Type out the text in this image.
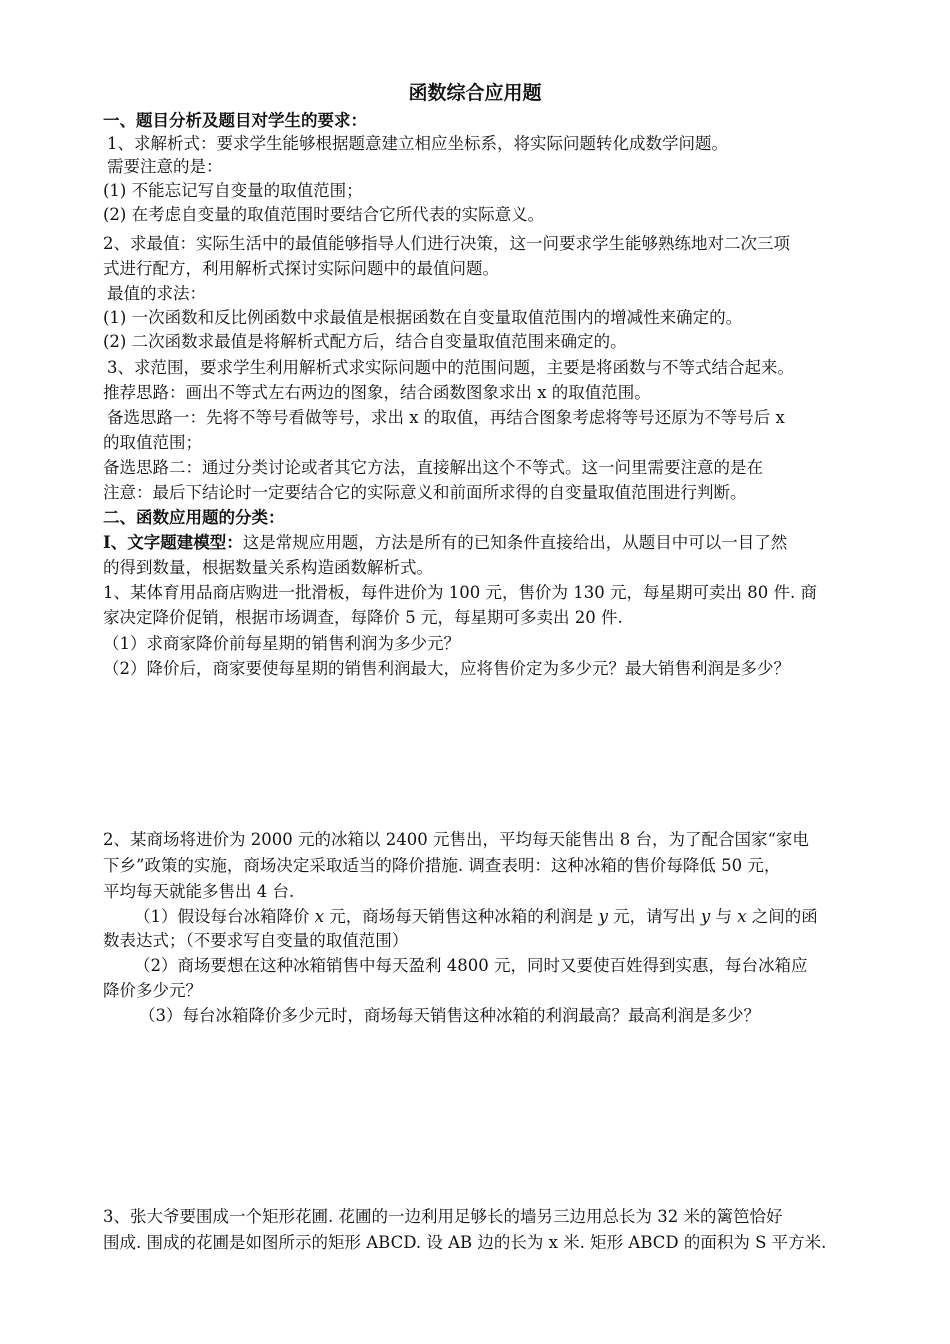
函数综合应用题
一、题目分析及题目对学生的要求：
1、求解析式：要求学生能够根据题意建立相应坐标系，将实际问题转化成数学问题。
需要注意的是：
(1) 不能忘记写自变量的取值范围；
(2) 在考虑自变量的取值范围时要结合它所代表的实际意义。
2、求最值：实际生活中的最值能够指导人们进行决策，这一问要求学生能够熟练地对二次三项
式进行配方，利用解析式探讨实际问题中的最值问题。
最值的求法：
(1) 一次函数和反比例函数中求最值是根据函数在自变量取值范围内的增减性来确定的。
(2) 二次函数求最值是将解析式配方后，结合自变量取值范围来确定的。
3、求范围，要求学生利用解析式求实际问题中的范围问题，主要是将函数与不等式结合起来。
推荐思路：画出不等式左右两边的图象，结合函数图象求出 x 的取值范围。
备选思路一：先将不等号看做等号，求出 x 的取值，再结合图象考虑将等号还原为不等号后 x
的取值范围；
备选思路二：通过分类讨论或者其它方法，直接解出这个不等式。这一问里需要注意的是在
注意：最后下结论时一定要结合它的实际意义和前面所求得的自变量取值范围进行判断。
二、函数应用题的分类：
Ⅰ、文字题建模型：这是常规应用题，方法是所有的已知条件直接给出，从题目中可以一目了然
的得到数量，根据数量关系构造函数解析式。
1、某体育用品商店购进一批滑板，每件进价为 100 元，售价为 130 元，每星期可卖出 80 件. 商
家决定降价促销，根据市场调查，每降价 5 元，每星期可多卖出 20 件.
（1）求商家降价前每星期的销售利润为多少元？
（2）降价后，商家要使每星期的销售利润最大，应将售价定为多少元？最大销售利润是多少？
2、某商场将进价为 2000 元的冰箱以 2400 元售出，平均每天能售出 8 台，为了配合国家“家电
下乡”政策的实施，商场决定采取适当的降价措施. 调查表明：这种冰箱的售价每降低 50 元，
平均每天就能多售出 4 台.
（1）假设每台冰箱降价 x 元，商场每天销售这种冰箱的利润是 y 元，请写出 y 与 x 之间的函
数表达式；（不要求写自变量的取值范围）
（2）商场要想在这种冰箱销售中每天盈利 4800 元，同时又要使百姓得到实惠，每台冰箱应
降价多少元？
（3）每台冰箱降价多少元时，商场每天销售这种冰箱的利润最高？最高利润是多少？
3、张大爷要围成一个矩形花圃. 花圃的一边利用足够长的墙另三边用总长为 32 米的篱笆恰好
围成. 围成的花圃是如图所示的矩形 ABCD. 设 AB 边的长为 x 米. 矩形 ABCD 的面积为 S 平方米.
